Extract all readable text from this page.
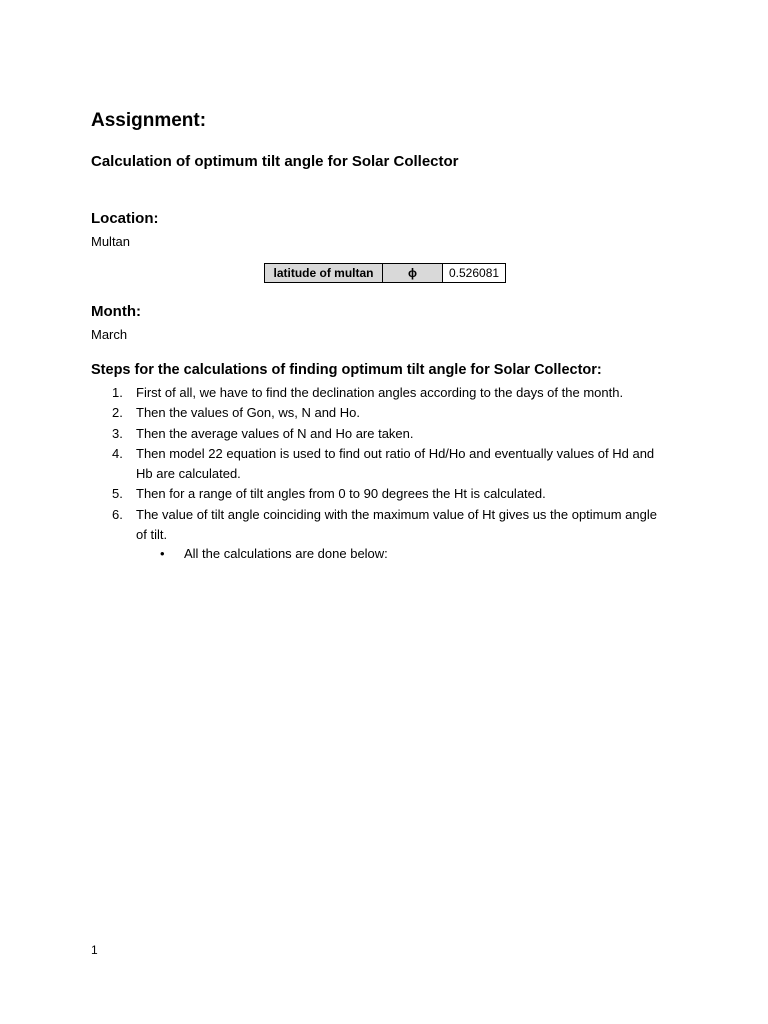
Assignment:
Calculation of optimum tilt angle for Solar Collector
Location:
Multan
latitude of multan	ϕ	0.526081
Month:
March
Steps for the calculations of finding optimum tilt angle for Solar Collector:
1. First of all, we have to find the declination angles according to the days of the month.
2. Then the values of Gon, ws, N and Ho.
3. Then the average values of N and Ho are taken.
4. Then model 22 equation is used to find out ratio of Hd/Ho and eventually values of Hd and Hb are calculated.
5. Then for a range of tilt angles from 0 to 90 degrees the Ht is calculated.
6. The value of tilt angle coinciding with the maximum value of Ht gives us the optimum angle of tilt.
• All the calculations are done below:
1
